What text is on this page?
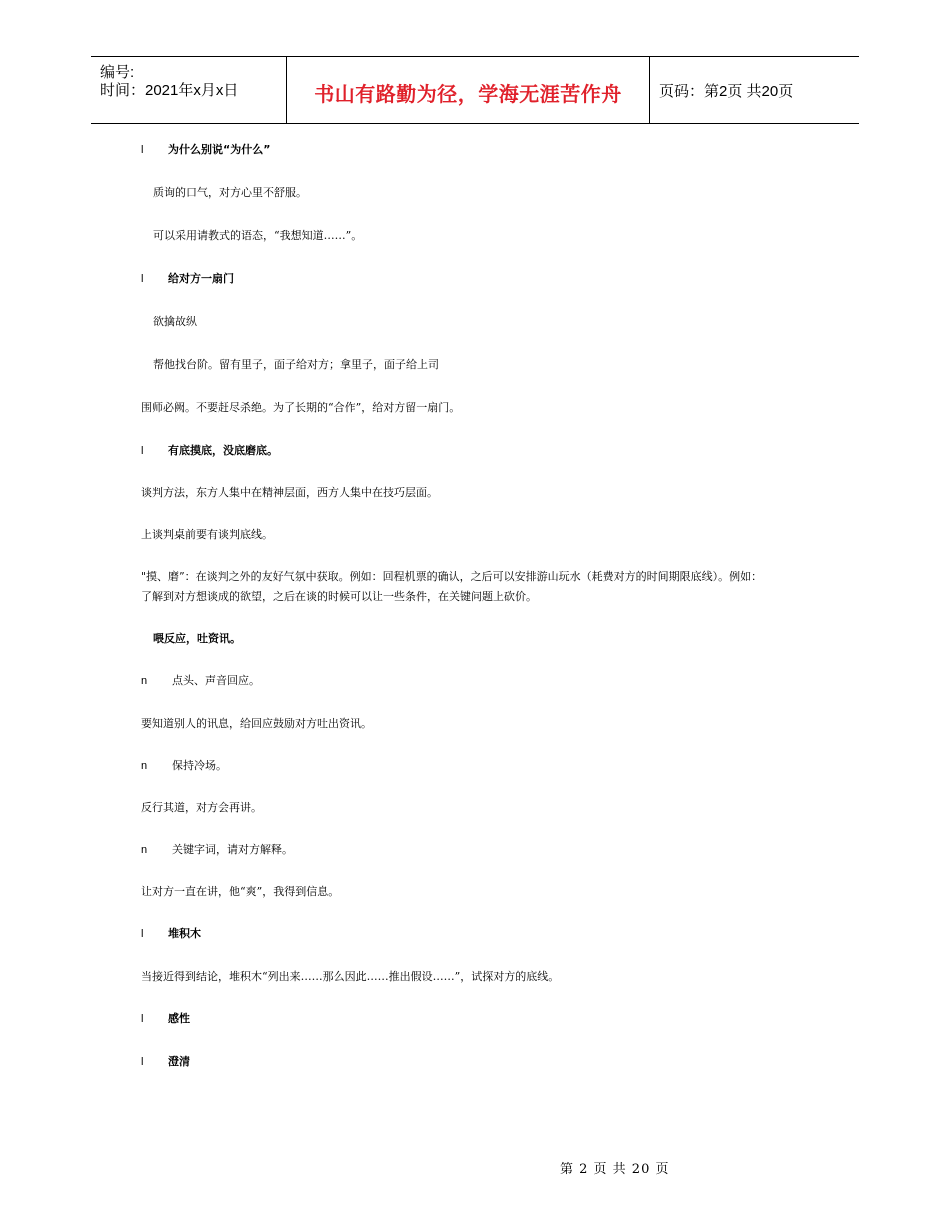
编号:
时间：2021年x月x日	书山有路勤为径，学海无涯苦作舟	页码：第2页 共20页
l 为什么别说“为什么”
质询的口气，对方心里不舒服。
可以采用请教式的语态，“我想知道……”。
l 给对方一扇门
欲擒故纵
帮他找台阶。留有里子，面子给对方；拿里子，面子给上司
围师必阙。不要赶尽杀绝。为了长期的“合作”，给对方留一扇门。
l 有底摸底，没底磨底。
谈判方法，东方人集中在精神层面，西方人集中在技巧层面。
上谈判桌前要有谈判底线。
"摸、磨”：在谈判之外的友好气氛中获取。例如：回程机票的确认，之后可以安排游山玩水（耗费对方的时间期限底线）。例如：
了解到对方想谈成的欲望，之后在谈的时候可以让一些条件，在关键问题上砍价。
喂反应，吐资讯。
n 点头、声音回应。
要知道别人的讯息，给回应鼓励对方吐出资讯。
n 保持冷场。
反行其道，对方会再讲。
n 关键字词，请对方解释。
让对方一直在讲，他“爽”，我得到信息。
l 堆积木
当接近得到结论，堆积木“列出来……那么因此……推出假设……”，试探对方的底线。
l 感性
l 澄清
第 2 页 共 20 页
